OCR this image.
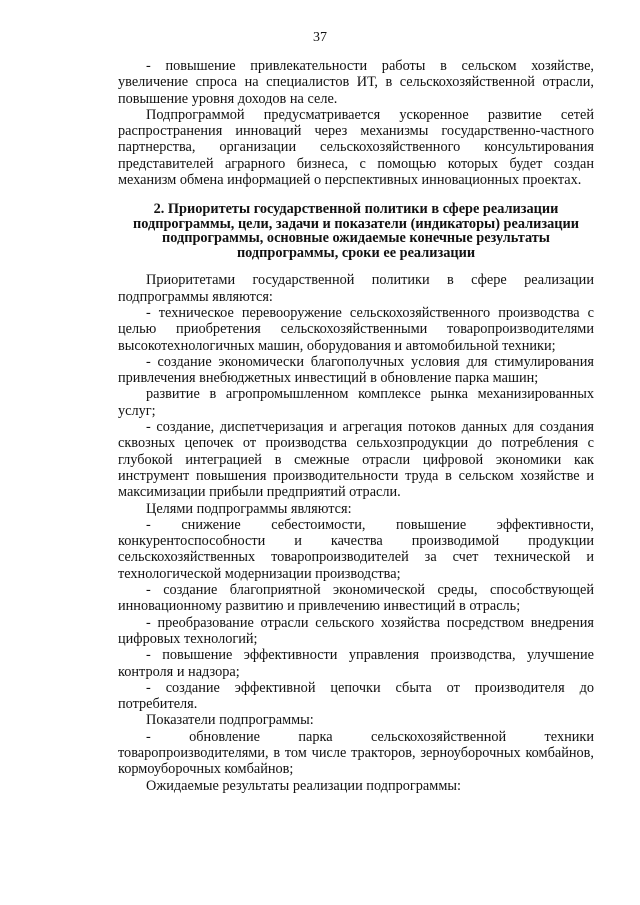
37

- повышение привлекательности работы в сельском хозяйстве, увеличение спроса на специалистов ИТ, в сельскохозяйственной отрасли, повышение уровня доходов на селе.

Подпрограммой предусматривается ускоренное развитие сетей распространения инноваций через механизмы государственно-частного партнерства, организации сельскохозяйственного консультирования представителей аграрного бизнеса, с помощью которых будет создан механизм обмена информацией о перспективных инновационных проектах.

2. Приоритеты государственной политики в сфере реализации подпрограммы, цели, задачи и показатели (индикаторы) реализации подпрограммы, основные ожидаемые конечные результаты подпрограммы, сроки ее реализации

Приоритетами государственной политики в сфере реализации подпрограммы являются:

- техническое перевооружение сельскохозяйственного производства с целью приобретения сельскохозяйственными товаропроизводителями высокотехнологичных машин, оборудования и автомобильной техники;

- создание экономически благополучных условия для стимулирования привлечения внебюджетных инвестиций в обновление парка машин;

развитие в агропромышленном комплексе рынка механизированных услуг;

- создание, диспетчеризация и агрегация потоков данных для создания сквозных цепочек от производства сельхозпродукции до потребления с глубокой интеграцией в смежные отрасли цифровой экономики как инструмент повышения производительности труда в сельском хозяйстве и максимизации прибыли предприятий отрасли.

Целями подпрограммы являются:

- снижение себестоимости, повышение эффективности, конкурентоспособности и качества производимой продукции сельскохозяйственных товаропроизводителей за счет технической и технологической модернизации производства;

- создание благоприятной экономической среды, способствующей инновационному развитию и привлечению инвестиций в отрасль;

- преобразование отрасли сельского хозяйства посредством внедрения цифровых технологий;

- повышение эффективности управления производства, улучшение контроля и надзора;

- создание эффективной цепочки сбыта от производителя до потребителя.

Показатели подпрограммы:

- обновление парка сельскохозяйственной техники товаропроизводителями, в том числе тракторов, зерноуборочных комбайнов, кормоуборочных комбайнов;

Ожидаемые результаты реализации подпрограммы:
